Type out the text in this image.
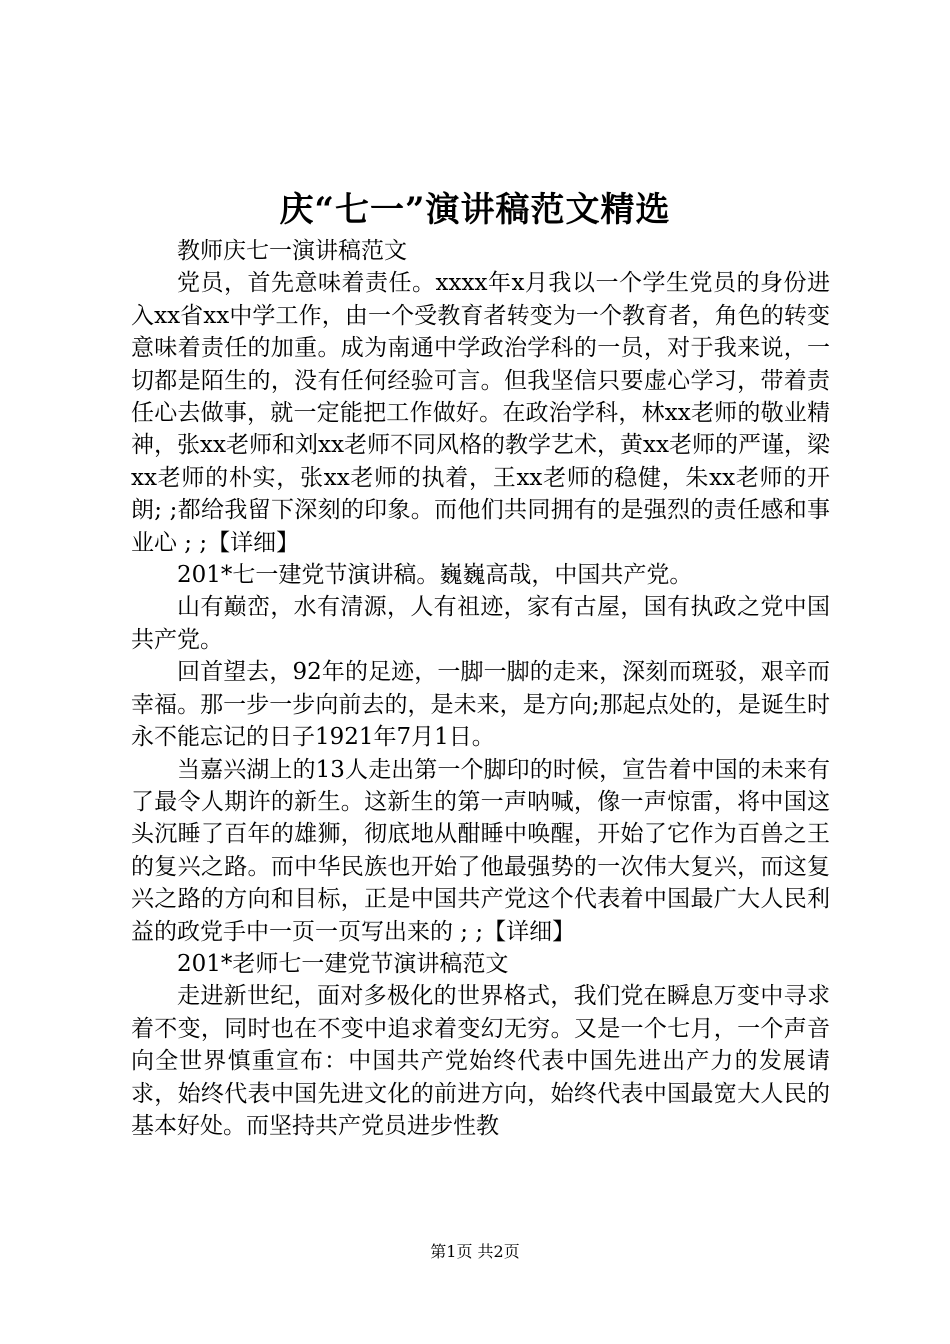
庆“七一”演讲稿范文精选

教师庆七一演讲稿范文

党员，首先意味着责任。xxxx年x月我以一个学生党员的身份进入xx省xx中学工作，由一个受教育者转变为一个教育者，角色的转变意味着责任的加重。成为南通中学政治学科的一员，对于我来说，一切都是陌生的，没有任何经验可言。但我坚信只要虚心学习，带着责任心去做事，就一定能把工作做好。在政治学科，林xx老师的敬业精神，张xx老师和刘xx老师不同风格的教学艺术，黄xx老师的严谨，梁xx老师的朴实，张xx老师的执着，王xx老师的稳健，朱xx老师的开朗; ;都给我留下深刻的印象。而他们共同拥有的是强烈的责任感和事业心 ; ;【详细】

201*七一建党节演讲稿。巍巍高哉，中国共产党。

山有巅峦，水有清源，人有祖迹，家有古屋，国有执政之党中国共产党。

回首望去，92年的足迹，一脚一脚的走来，深刻而斑驳，艰辛而幸福。那一步一步向前去的，是未来，是方向;那起点处的，是诞生时永不能忘记的日子1921年7月1日。

当嘉兴湖上的13人走出第一个脚印的时候，宣告着中国的未来有了最令人期许的新生。这新生的第一声呐喊，像一声惊雷，将中国这头沉睡了百年的雄狮，彻底地从酣睡中唤醒，开始了它作为百兽之王的复兴之路。而中华民族也开始了他最强势的一次伟大复兴，而这复兴之路的方向和目标，正是中国共产党这个代表着中国最广大人民利益的政党手中一页一页写出来的 ; ;【详细】

201*老师七一建党节演讲稿范文

走进新世纪，面对多极化的世界格式，我们党在瞬息万变中寻求着不变，同时也在不变中追求着变幻无穷。又是一个七月，一个声音向全世界慎重宣布：中国共产党始终代表中国先进出产力的发展请求，始终代表中国先进文化的前进方向，始终代表中国最宽大人民的基本好处。而坚持共产党员进步性教

第1页 共2页
